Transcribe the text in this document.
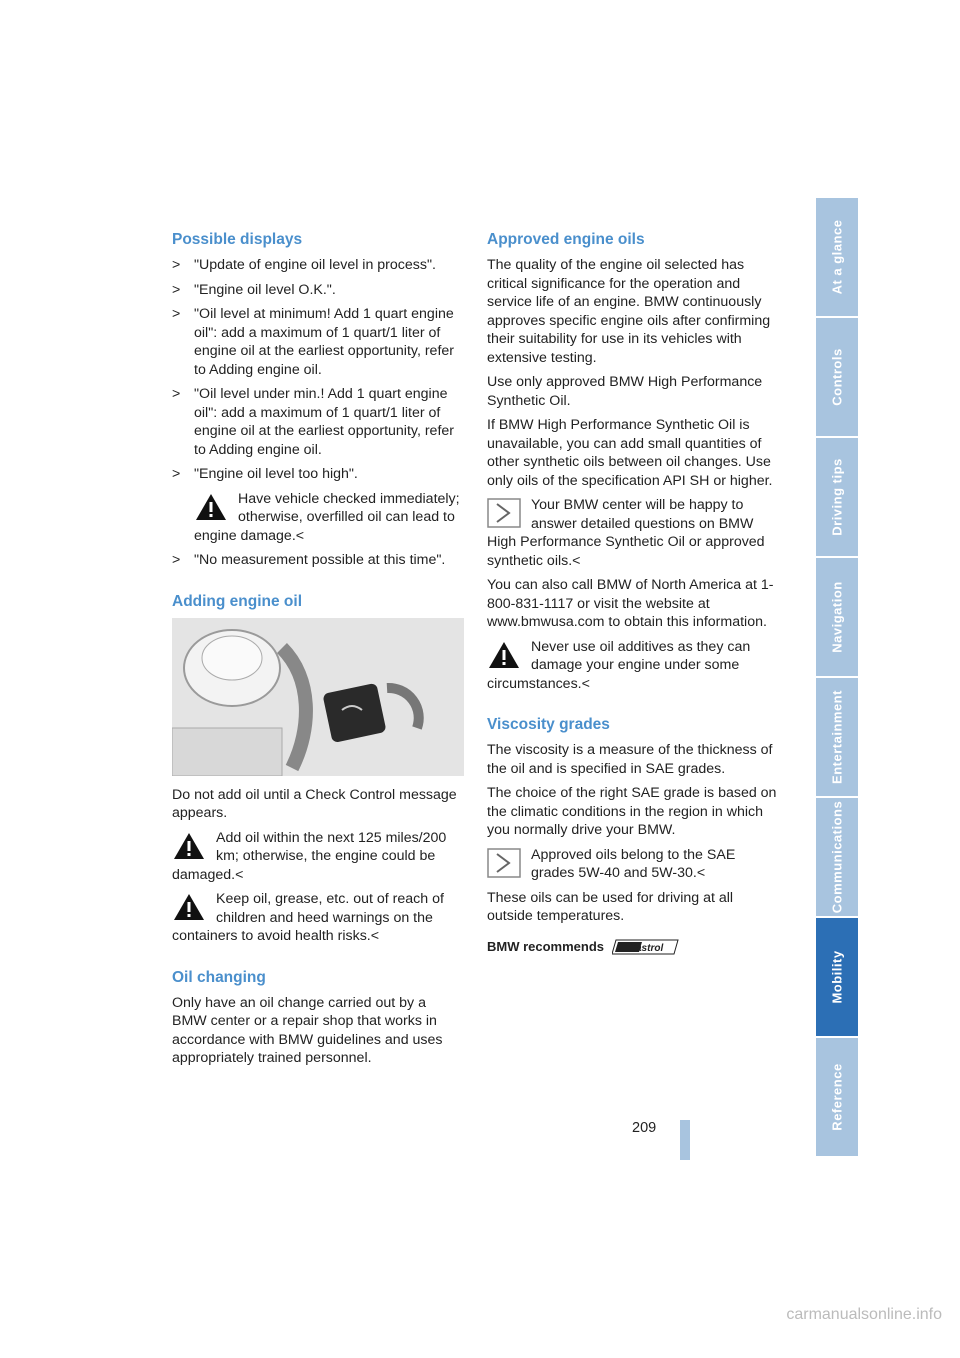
Possible displays
> "Update of engine oil level in process".
> "Engine oil level O.K.".
> "Oil level at minimum! Add 1 quart engine oil": add a maximum of 1 quart/1 liter of engine oil at the earliest opportunity, refer to Adding engine oil.
> "Oil level under min.! Add 1 quart engine oil": add a maximum of 1 quart/1 liter of engine oil at the earliest opportunity, refer to Adding engine oil.
> "Engine oil level too high".
Have vehicle checked immediately; otherwise, overfilled oil can lead to engine damage.<
> "No measurement possible at this time".
Adding engine oil

Do not add oil until a Check Control message appears.

Add oil within the next 125 miles/200 km; otherwise, the engine could be damaged.<
Keep oil, grease, etc. out of reach of children and heed warnings on the containers to avoid health risks.<
Oil changing

Only have an oil change carried out by a BMW center or a repair shop that works in accordance with BMW guidelines and uses appropriately trained personnel.

Approved engine oils

The quality of the engine oil selected has critical significance for the operation and service life of an engine. BMW continuously approves specific engine oils after confirming their suitability for use in its vehicles with extensive testing.

Use only approved BMW High Performance Synthetic Oil.

If BMW High Performance Synthetic Oil is unavailable, you can add small quantities of other synthetic oils between oil changes. Use only oils of the specification API SH or higher.

Your BMW center will be happy to answer detailed questions on BMW High Performance Synthetic Oil or approved synthetic oils.<

You can also call BMW of North America at 1-800-831-1117 or visit the website at www.bmwusa.com to obtain this information.

Never use oil additives as they can damage your engine under some circumstances.<
Viscosity grades

The viscosity is a measure of the thickness of the oil and is specified in SAE grades.

The choice of the right SAE grade is based on the climatic conditions in the region in which you normally drive your BMW.

Approved oils belong to the SAE grades 5W-40 and 5W-30.<

These oils can be used for driving at all outside temperatures.

BMW recommends Castrol
At a glance
Controls
Driving tips
Navigation
Entertainment
Communications
Mobility
Reference
209
carmanualsonline.info
